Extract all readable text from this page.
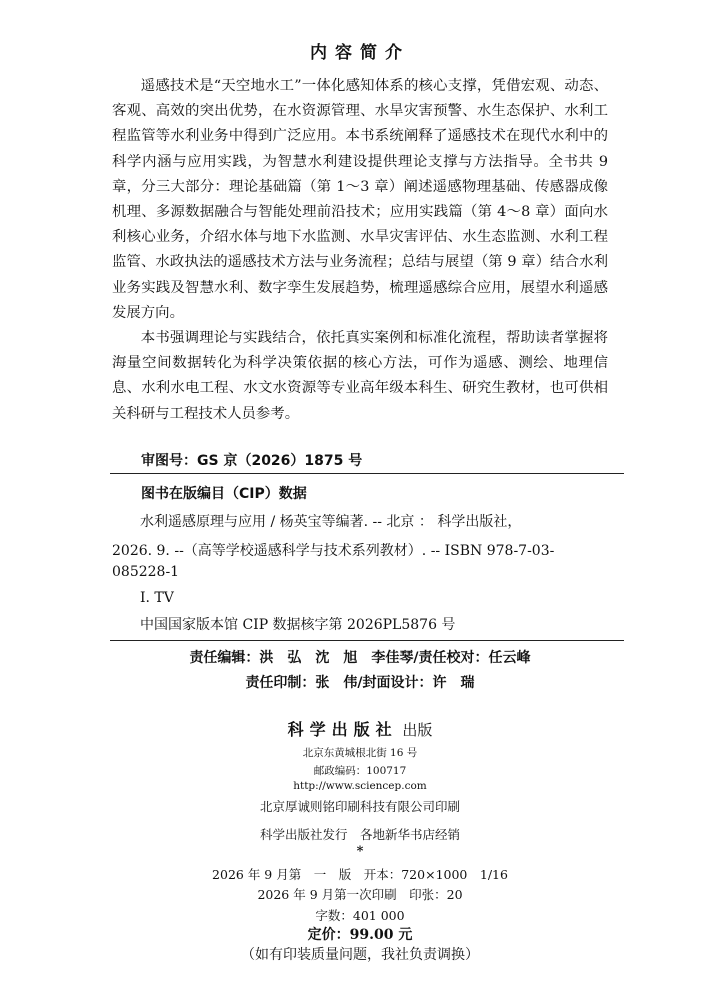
内容简介

遥感技术是“天空地水工”一体化感知体系的核心支撑，凭借宏观、动态、客观、高效的突出优势，在水资源管理、水旱灾害预警、水生态保护、水利工程监管等水利业务中得到广泛应用。本书系统阐释了遥感技术在现代水利中的科学内涵与应用实践，为智慧水利建设提供理论支撑与方法指导。全书共 9 章，分三大部分：理论基础篇（第 1～3 章）阐述遥感物理基础、传感器成像机理、多源数据融合与智能处理前沿技术；应用实践篇（第 4～8 章）面向水利核心业务，介绍水体与地下水监测、水旱灾害评估、水生态监测、水利工程监管、水政执法的遥感技术方法与业务流程；总结与展望（第 9 章）结合水利业务实践及智慧水利、数字孪生发展趋势，梳理遥感综合应用，展望水利遥感发展方向。

本书强调理论与实践结合，依托真实案例和标准化流程，帮助读者掌握将海量空间数据转化为科学决策依据的核心方法，可作为遥感、测绘、地理信息、水利水电工程、水文水资源等专业高年级本科生、研究生教材，也可供相关科研与工程技术人员参考。

审图号：GS 京（2026）1875 号
图书在版编目（CIP）数据
水利遥感原理与应用 / 杨英宝等编著. -- 北京 ： 科学出版社，
2026. 9. --（高等学校遥感科学与技术系列教材）. -- ISBN 978-7-03-
085228-1
Ⅰ. TV
中国国家版本馆 CIP 数据核字第 2026PL5876 号
责任编辑：洪　弘　沈　旭　李佳琴/责任校对：任云峰
责任印制：张　伟/封面设计：许　瑞
科学出版社 出版
北京东黄城根北街 16 号
邮政编码：100717
http://www.sciencep.com
北京厚诚则铭印刷科技有限公司印刷
科学出版社发行　各地新华书店经销
*
2026 年 9 月第　一　版　开本：720×1000　1/16
2026 年 9 月第一次印刷　印张：20
字数：401 000
定价：99.00 元
（如有印装质量问题，我社负责调换）
